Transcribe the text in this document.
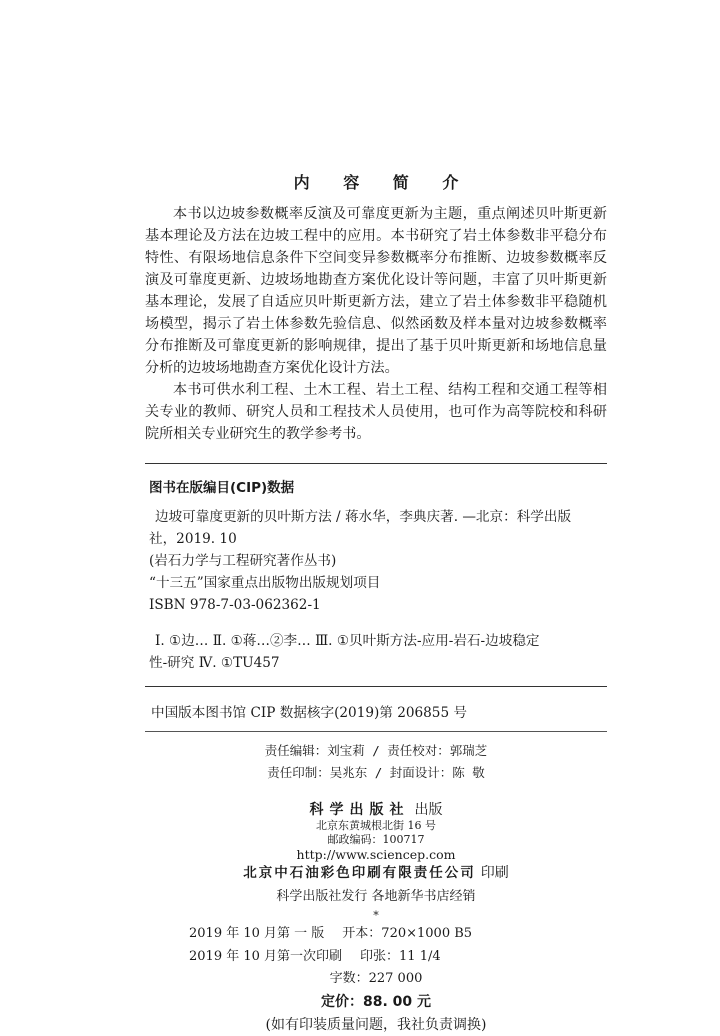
内 容 简 介

本书以边坡参数概率反演及可靠度更新为主题，重点阐述贝叶斯更新基本理论及方法在边坡工程中的应用。本书研究了岩土体参数非平稳分布特性、有限场地信息条件下空间变异参数概率分布推断、边坡参数概率反演及可靠度更新、边坡场地勘查方案优化设计等问题，丰富了贝叶斯更新基本理论，发展了自适应贝叶斯更新方法，建立了岩土体参数非平稳随机场模型，揭示了岩土体参数先验信息、似然函数及样本量对边坡参数概率分布推断及可靠度更新的影响规律，提出了基于贝叶斯更新和场地信息量分析的边坡场地勘查方案优化设计方法。

本书可供水利工程、土木工程、岩土工程、结构工程和交通工程等相关专业的教师、研究人员和工程技术人员使用，也可作为高等院校和科研院所相关专业研究生的教学参考书。

图书在版编目(CIP)数据

边坡可靠度更新的贝叶斯方法 / 蒋水华，李典庆著. —北京：科学出版

社，2019. 10

(岩石力学与工程研究著作丛书)

“十三五”国家重点出版物出版规划项目

ISBN 978-7-03-062362-1

Ⅰ. ①边… Ⅱ. ①蒋…②李… Ⅲ. ①贝叶斯方法-应用-岩石-边坡稳定

性-研究 Ⅳ. ①TU457

中国版本图书馆 CIP 数据核字(2019)第 206855 号
责任编辑：刘宝莉 / 责任校对：郭瑞芝
责任印制：吴兆东 / 封面设计：陈 敬
科学出版社 出版
北京东黄城根北街 16 号
邮政编码：100717
http://www.sciencep.com
北京中石油彩色印刷有限责任公司 印刷
科学出版社发行 各地新华书店经销
*
2019 年 10 月第 一 版 开本：720×1000 B5
2019 年 10 月第一次印刷 印张：11 1/4
字数：227 000
定价：88. 00 元
(如有印装质量问题，我社负责调换)
